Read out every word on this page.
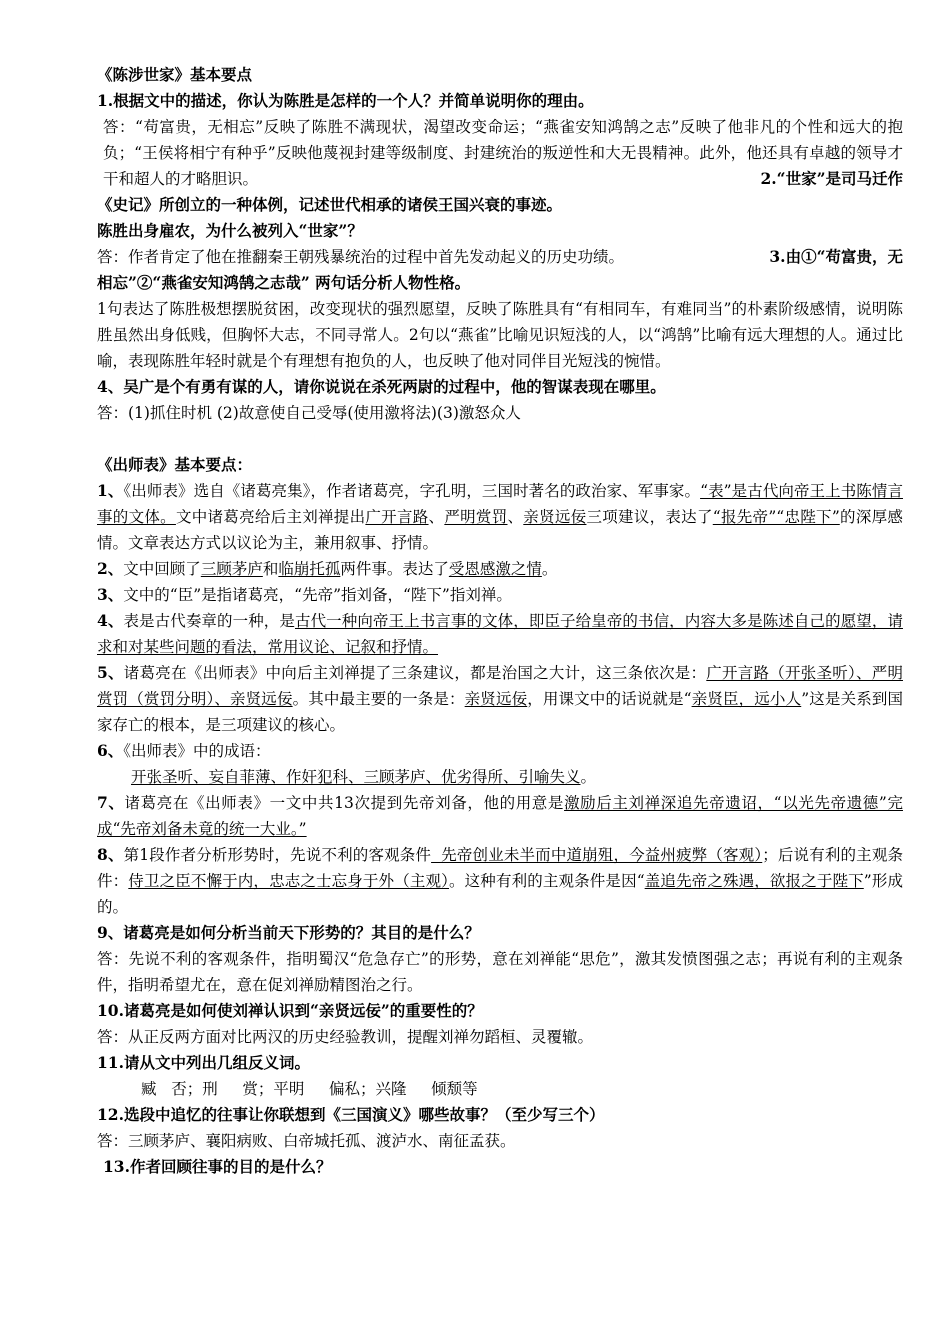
《陈涉世家》基本要点

1.根据文中的描述，你认为陈胜是怎样的一个人？并简单说明你的理由。

答：“苟富贵，无相忘”反映了陈胜不满现状，渴望改变命运；“燕雀安知鸿鹄之志”反映了他非凡的个性和远大的抱负；“王侯将相宁有种乎”反映他蔑视封建等级制度、封建统治的叛逆性和大无畏精神。此外，他还具有卓越的领导才干和超人的才略胆识。	2.“世家”是司马迁作

《史记》所创立的一种体例，记述世代相承的诸侯王国兴衰的事迹。

陈胜出身雇农，为什么被列入“世家”？

答：作者肯定了他在推翻秦王朝残暴统治的过程中首先发动起义的历史功绩。	3.由①“苟富贵，无

相忘”②“燕雀安知鸿鹄之志哉” 两句话分析人物性格。

1句表达了陈胜极想摆脱贫困，改变现状的强烈愿望，反映了陈胜具有“有相同车，有难同当”的朴素阶级感情，说明陈胜虽然出身低贱，但胸怀大志，不同寻常人。2句以“燕雀”比喻见识短浅的人，以“鸿鹄”比喻有远大理想的人。通过比喻，表现陈胜年轻时就是个有理想有抱负的人，也反映了他对同伴目光短浅的惋惜。

4、吴广是个有勇有谋的人，请你说说在杀死两尉的过程中，他的智谋表现在哪里。

答：(1)抓住时机 (2)故意使自己受辱(使用激将法)(3)激怒众人

《出师表》基本要点：

1、《出师表》选自《诸葛亮集》，作者诸葛亮，字孔明，三国时著名的政治家、军事家。“表”是古代向帝王上书陈情言事的文体。文中诸葛亮给后主刘禅提出广开言路、严明赏罚、亲贤远佞三项建议，表达了“报先帝”“忠陛下”的深厚感情。文章表达方式以议论为主，兼用叙事、抒情。

2、文中回顾了三顾茅庐和临崩托孤两件事。表达了受恩感激之情。

3、文中的“臣”是指诸葛亮，“先帝”指刘备，“陛下”指刘禅。

4、表是古代奏章的一种，是古代一种向帝王上书言事的文体，即臣子给皇帝的书信，内容大多是陈述自己的愿望，请求和对某些问题的看法，常用议论、记叙和抒情。

5、诸葛亮在《出师表》中向后主刘禅提了三条建议，都是治国之大计，这三条依次是：广开言路（开张圣听）、严明赏罚（赏罚分明）、亲贤远佞。其中最主要的一条是：亲贤远佞，用课文中的话说就是“亲贤臣，远小人”这是关系到国家存亡的根本，是三项建议的核心。

6、《出师表》中的成语：

开张圣听、妄自菲薄、作奸犯科、三顾茅庐、优劣得所、引喻失义。

7、诸葛亮在《出师表》一文中共13次提到先帝刘备，他的用意是激励后主刘禅深追先帝遗诏，“以光先帝遗德”完成“先帝刘备未竟的统一大业。”

8、第1段作者分析形势时，先说不利的客观条件  先帝创业未半而中道崩殂，今益州疲弊（客观）；后说有利的主观条件：侍卫之臣不懈于内，忠志之士忘身于外（主观）。这种有利的主观条件是因“盖追先帝之殊遇，欲报之于陛下”形成的。

9、诸葛亮是如何分析当前天下形势的？其目的是什么？

答：先说不利的客观条件，指明蜀汉“危急存亡”的形势，意在刘禅能“思危”，激其发愤图强之志；再说有利的主观条件，指明希望尤在，意在促刘禅励精图治之行。

10.诸葛亮是如何使刘禅认识到“亲贤远佞”的重要性的？

答：从正反两方面对比两汉的历史经验教训，提醒刘禅勿蹈桓、灵覆辙。

11.请从文中列出几组反义词。

臧   否；刑     赏；平明     偏私；兴隆     倾颓等

12.选段中追忆的往事让你联想到《三国演义》哪些故事？（至少写三个）

答：三顾茅庐、襄阳病败、白帝城托孤、渡泸水、南征孟获。

13.作者回顾往事的目的是什么？
